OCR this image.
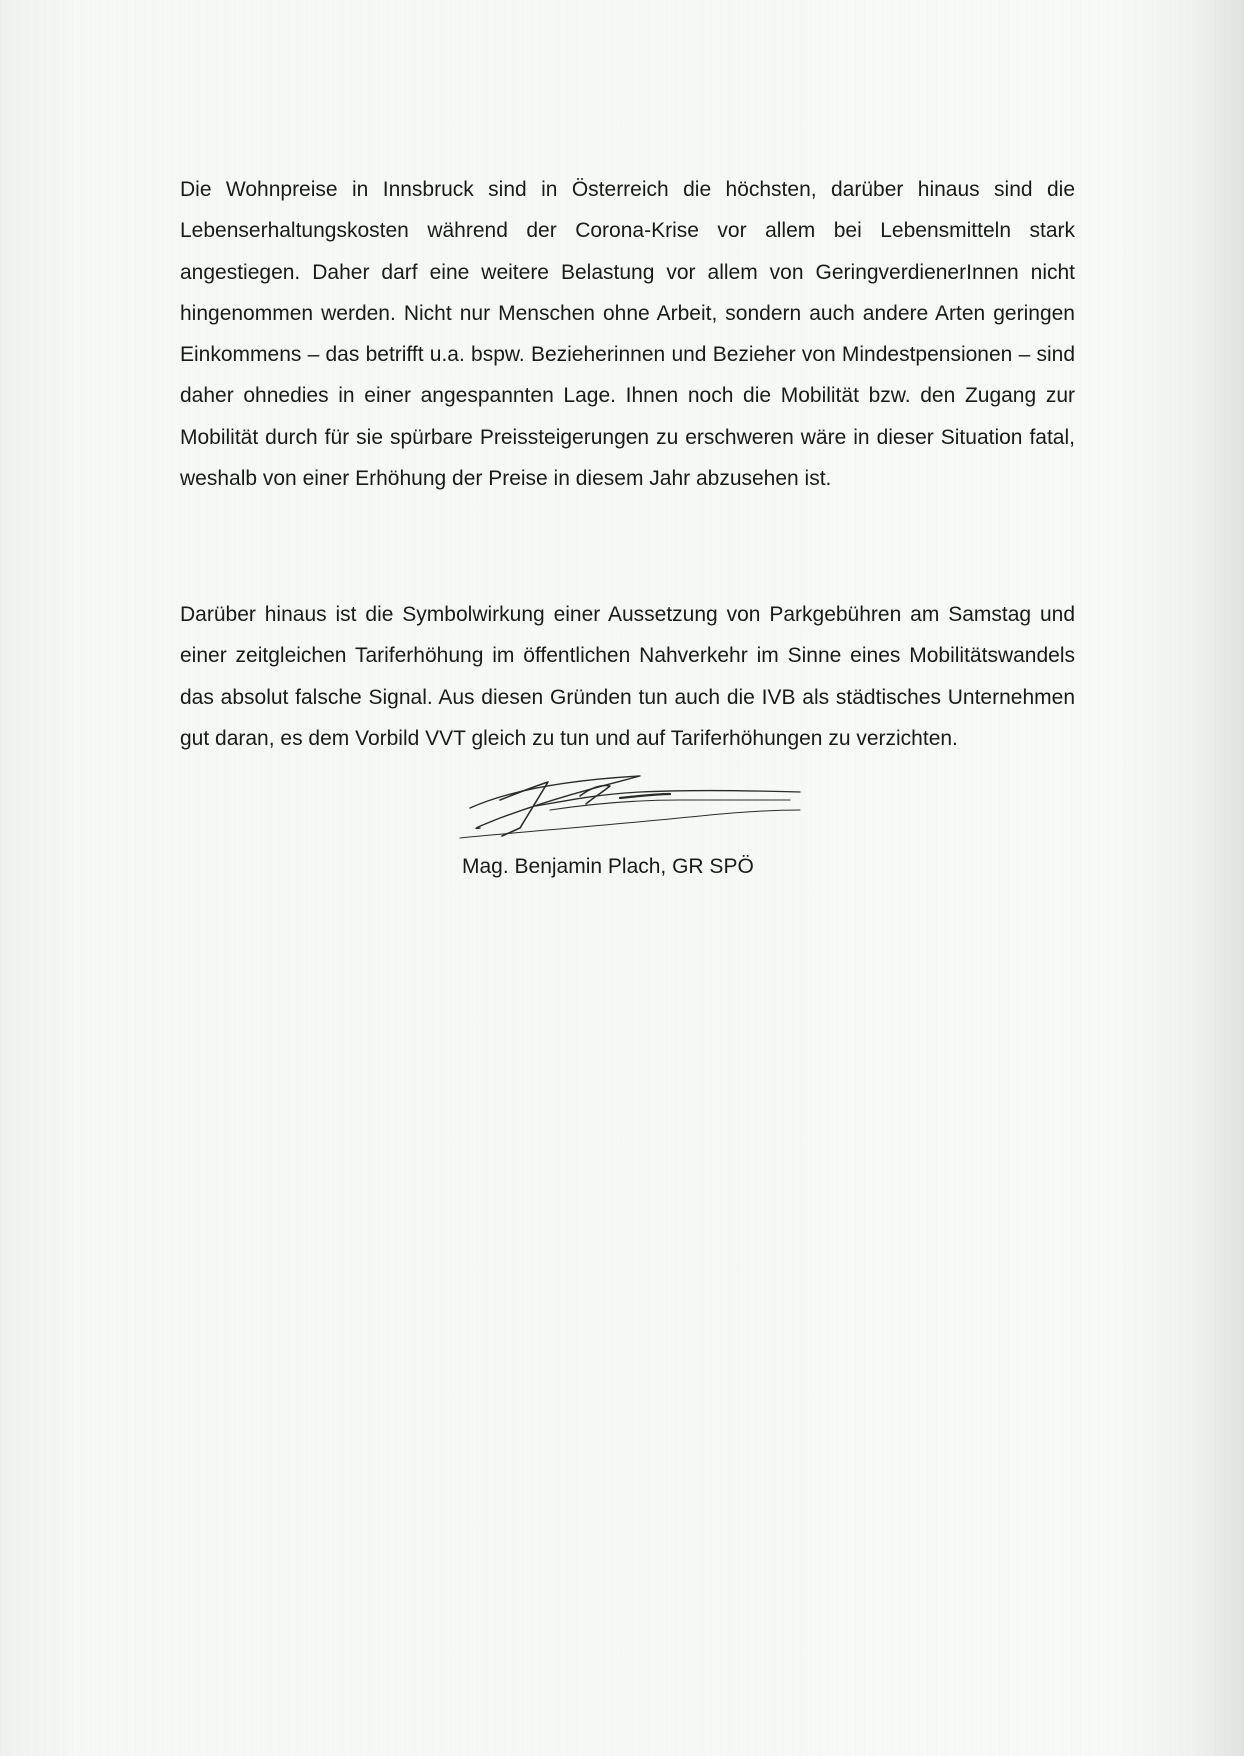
Die Wohnpreise in Innsbruck sind in Österreich die höchsten, darüber hinaus sind die Lebenserhaltungskosten während der Corona-Krise vor allem bei Lebensmitteln stark angestiegen. Daher darf eine weitere Belastung vor allem von GeringverdienerInnen nicht hingenommen werden. Nicht nur Menschen ohne Arbeit, sondern auch andere Arten geringen Einkommens – das betrifft u.a. bspw. Bezieherinnen und Bezieher von Mindestpensionen – sind daher ohnedies in einer angespannten Lage. Ihnen noch die Mobilität bzw. den Zugang zur Mobilität durch für sie spürbare Preissteigerungen zu erschweren wäre in dieser Situation fatal, weshalb von einer Erhöhung der Preise in diesem Jahr abzusehen ist.

Darüber hinaus ist die Symbolwirkung einer Aussetzung von Parkgebühren am Samstag und einer zeitgleichen Tariferhöhung im öffentlichen Nahverkehr im Sinne eines Mobilitätswandels das absolut falsche Signal. Aus diesen Gründen tun auch die IVB als städtisches Unternehmen gut daran, es dem Vorbild VVT gleich zu tun und auf Tariferhöhungen zu verzichten.

Mag. Benjamin Plach, GR SPÖ
